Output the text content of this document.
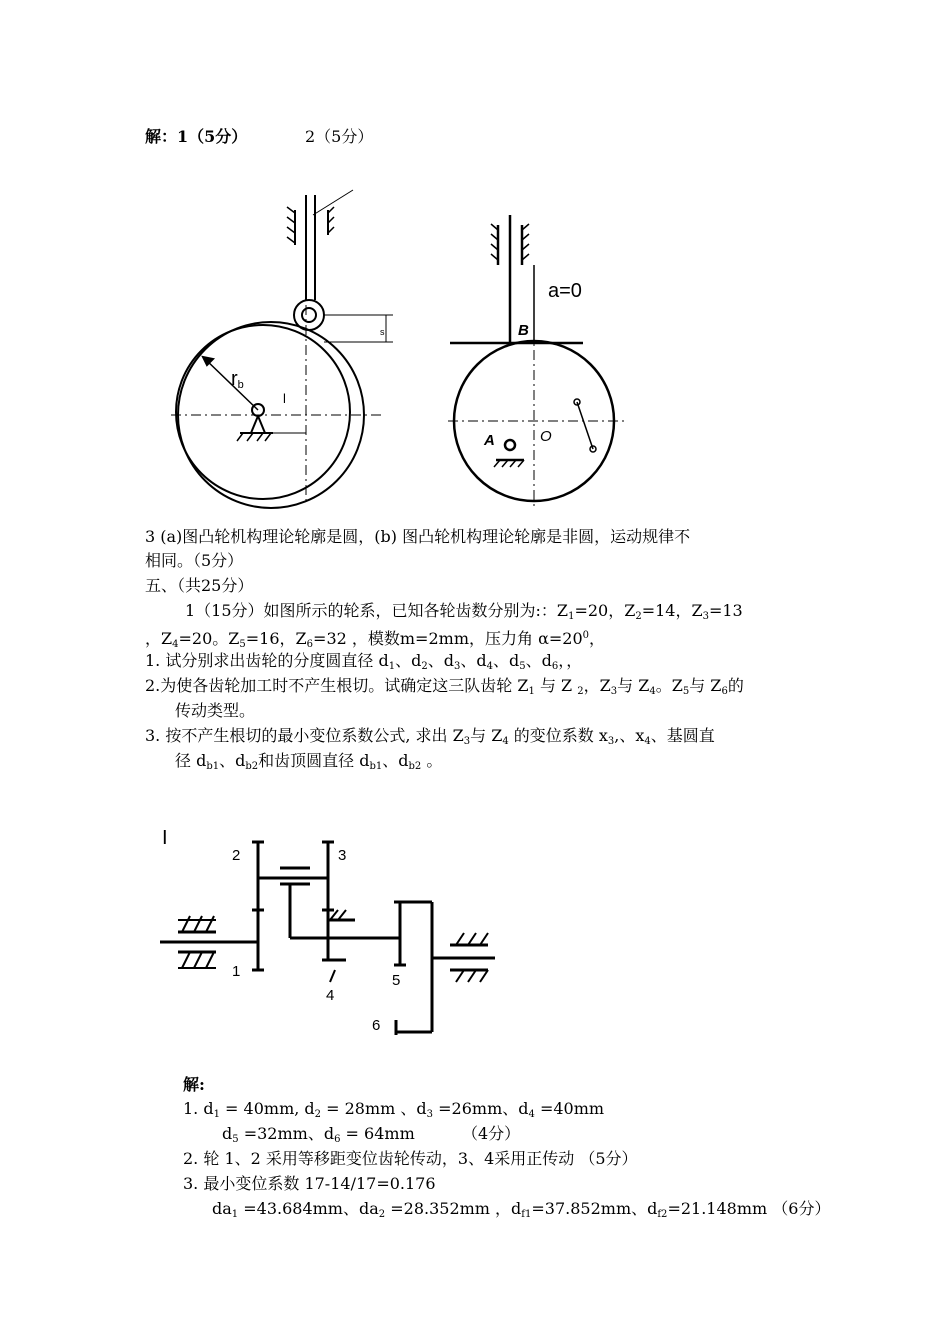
解：1（5分）	2（5分）
rb
l
s
a=0
B
A	O
3 (a)图凸轮机构理论轮廓是圆，(b) 图凸轮机构理论轮廓是非圆，运动规律不
相同。（5分）
五、（共25分）
1（15分）如图所示的轮系，已知各轮齿数分别为:：$Z_1=20$，$Z_2=14$，$Z_3=13$
，$Z_4=20$。$Z_5=16$，$Z_6=32$ ，模数m=2mm，压力角 $\alpha=20^0$，
1. 试分别求出齿轮的分度圆直径 $d_1$、$d_2$、$d_3$、$d_4$、$d_5$、$d_6$，，
2.为使各齿轮加工时不产生根切。试确定这三队齿轮 $Z_1$ 与 Z $_2$，$Z_3$与 $Z_4$。$Z_5$与 $Z_6$的
传动类型。
3. 按不产生根切的最小变位系数公式, 求出 $Z_3$与 $Z_4$ 的变位系数 $x_3$,、$x_4$、基圆直
径 $d_{b1}$、$d_{b2}$和齿顶圆直径 $d_{b1}$、$d_{b2}$ 。
2
1
3
4
5
6
I
解:
1. $d_1 = 40mm$, $d_2 = 28mm$ 、$d_3 =26mm$、$d_4 =40mm$
$d_5 =32mm$、$d_6 = 64mm$	（4分）
2. 轮 1、2 采用等移距变位齿轮传动，3、4采用正传动 （5分）
3. 最小变位系数 17-14/17=0.176
$da_1 =43.684mm$、$da_2 =28.352mm$ ，$d_{f1}=37.852mm$、$d_{f2}=21.148mm$ （6分）
